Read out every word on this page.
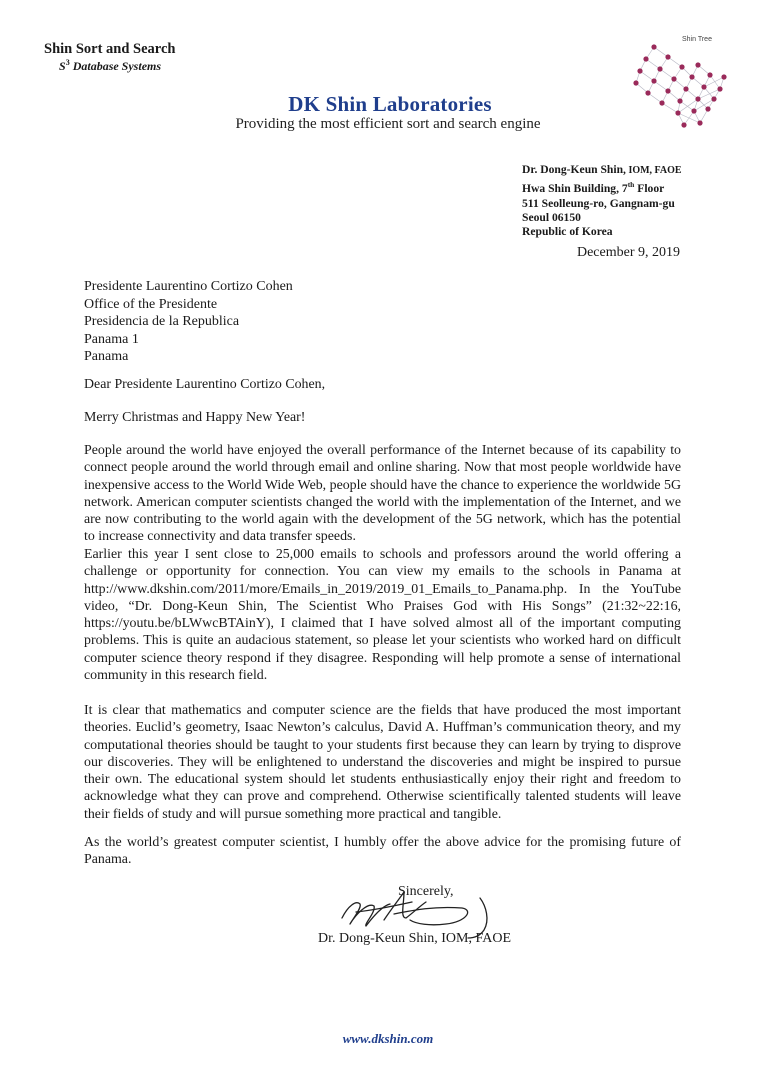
Shin Sort and Search
$S^3$ Database Systems
DK Shin Laboratories
Providing the most efficient sort and search engine
Shin Tree
Dr. Dong-Keun Shin, IOM, FAOE
Hwa Shin Building, 7th Floor
511 Seolleung-ro, Gangnam-gu
Seoul 06150
Republic of Korea
December 9, 2019
Presidente Laurentino Cortizo Cohen
Office of the Presidente
Presidencia de la Republica
Panama 1
Panama

Dear Presidente Laurentino Cortizo Cohen,

Merry Christmas and Happy New Year!

People around the world have enjoyed the overall performance of the Internet because of its capability to connect people around the world through email and online sharing. Now that most people worldwide have inexpensive access to the World Wide Web, people should have the chance to experience the worldwide 5G network. American computer scientists changed the world with the implementation of the Internet, and we are now contributing to the world again with the development of the 5G network, which has the potential to increase connectivity and data transfer speeds.

Earlier this year I sent close to 25,000 emails to schools and professors around the world offering a challenge or opportunity for connection. You can view my emails to the schools in Panama at http://www.dkshin.com/2011/more/Emails_in_2019/2019_01_Emails_to_Panama.php. In the YouTube video, “Dr. Dong-Keun Shin, The Scientist Who Praises God with His Songs” (21:32~22:16, https://youtu.be/bLWwcBTAinY), I claimed that I have solved almost all of the important computing problems. This is quite an audacious statement, so please let your scientists who worked hard on difficult computer science theory respond if they disagree. Responding will help promote a sense of international community in this research field.

It is clear that mathematics and computer science are the fields that have produced the most important theories. Euclid’s geometry, Isaac Newton’s calculus, David A. Huffman’s communication theory, and my computational theories should be taught to your students first because they can learn by trying to disprove our discoveries. They will be enlightened to understand the discoveries and might be inspired to pursue their own. The educational system should let students enthusiastically enjoy their right and freedom to acknowledge what they can prove and comprehend. Otherwise scientifically talented students will leave their fields of study and will pursue something more practical and tangible.

As the world’s greatest computer scientist, I humbly offer the above advice for the promising future of Panama.

Sincerely,
Dr. Dong-Keun Shin, IOM, FAOE
www.dkshin.com
